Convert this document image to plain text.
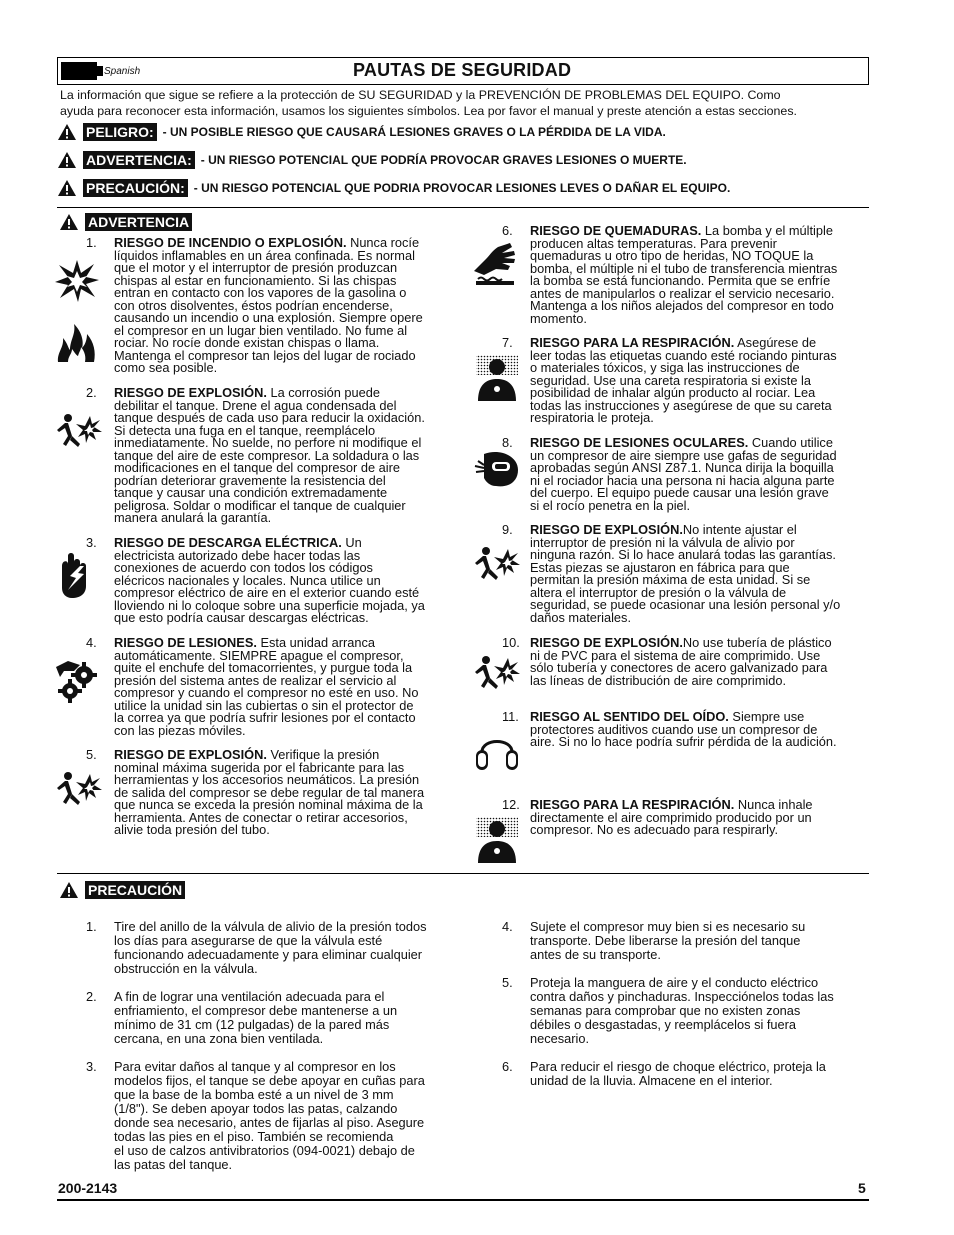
Spanish	PAUTAS DE SEGURIDAD
La información que sigue se refiere a la protección de SU SEGURIDAD y la PREVENCIÓN DE PROBLEMAS DEL EQUIPO. Como
ayuda para reconocer esta información, usamos los siguientes símbolos. Lea por favor el manual y preste atención a estas secciones.
PELIGRO: - UN POSIBLE RIESGO QUE CAUSARÁ LESIONES GRAVES O LA PÉRDIDA DE LA VIDA.
ADVERTENCIA: - UN RIESGO POTENCIAL QUE PODRÍA PROVOCAR GRAVES LESIONES O MUERTE.
PRECAUCIÓN: - UN RIESGO POTENCIAL QUE PODRIA PROVOCAR LESIONES LEVES O DAÑAR EL EQUIPO.
ADVERTENCIA
1.	RIESGO DE INCENDIO O EXPLOSIÓN. Nunca rocíe
líquidos inflamables en un área confinada. Es normal
que el motor y el interruptor de presión produzcan
chispas al estar en funcionamiento. Si las chispas
entran en contacto con los vapores de la gasolina o
con otros disolventes, éstos podrían encenderse,
causando un incendio o una explosión. Siempre opere
el compresor en un lugar bien ventilado. No fume al
rociar. No rocíe donde existan chispas o llama.
Mantenga el compresor tan lejos del lugar de rociado
como sea posible.
2.	RIESGO DE EXPLOSIÓN. La corrosión puede
debilitar el tanque. Drene el agua condensada del
tanque después de cada uso para reducir la oxidación.
Si detecta una fuga en el tanque, reemplácelo
inmediatamente. No suelde, no perfore ni modifique el
tanque del aire de este compresor. La soldadura o las
modificaciones en el tanque del compresor de aire
podrían deteriorar gravemente la resistencia del
tanque y causar una condición extremadamente
peligrosa. Soldar o modificar el tanque de cualquier
manera anulará la garantía.
3.	RIESGO DE DESCARGA ELÉCTRICA. Un
electricista autorizado debe hacer todas las
conexiones de acuerdo con todos los códigos
elécricos nacionales y locales. Nunca utilice un
compresor eléctrico de aire en el exterior cuando esté
lloviendo ni lo coloque sobre una superficie mojada, ya
que esto podría causar descargas eléctricas.
4.	RIESGO DE LESIONES. Esta unidad arranca
automáticamente. SIEMPRE apague el compresor,
quite el enchufe del tomacorrientes, y purgue toda la
presión del sistema antes de realizar el servicio al
compresor y cuando el compresor no esté en uso. No
utilice la unidad sin las cubiertas o sin el protector de
la correa ya que podría sufrir lesiones por el contacto
con las piezas móviles.
5.	RIESGO DE EXPLOSIÓN. Verifique la presión
nominal máxima sugerida por el fabricante para las
herramientas y los accesorios neumáticos. La presión
de salida del compresor se debe regular de tal manera
que nunca se exceda la presión nominal máxima de la
herramienta. Antes de conectar o retirar accesorios,
alivie toda presión del tubo.
6.	RIESGO DE QUEMADURAS. La bomba y el múltiple
producen altas temperaturas. Para prevenir
quemaduras u otro tipo de heridas, NO TOQUE la
bomba, el múltiple ni el tubo de transferencia mientras
la bomba se está funcionando. Permita que se enfríe
antes de manipularlos o realizar el servicio necesario.
Mantenga a los niños alejados del compresor en todo
momento.
7.	RIESGO PARA LA RESPIRACIÓN. Asegúrese de
leer todas las etiquetas cuando esté rociando pinturas
o materiales tóxicos, y siga las instrucciones de
seguridad. Use una careta respiratoria si existe la
posibilidad de inhalar algún producto al rociar. Lea
todas las instrucciones y asegúrese de que su careta
respiratoria le proteja.
8.	RIESGO DE LESIONES OCULARES. Cuando utilice
un compresor de aire siempre use gafas de seguridad
aprobadas según ANSI Z87.1. Nunca dirija la boquilla
ni el rociador hacia una persona ni hacia alguna parte
del cuerpo. El equipo puede causar una lesión grave
si el rocío penetra en la piel.
9.	RIESGO DE EXPLOSIÓN.No intente ajustar el
interruptor de presión ni la válvula de alivio por
ninguna razón. Si lo hace anulará todas las garantías.
Estas piezas se ajustaron en fábrica para que
permitan la presión máxima de esta unidad. Si se
altera el interruptor de presión o la válvula de
seguridad, se puede ocasionar una lesión personal y/o
daños materiales.
10. RIESGO DE EXPLOSIÓN.No use tubería de plástico
ni de PVC para el sistema de aire comprimido. Use
sólo tubería y conectores de acero galvanizado para
las líneas de distribución de aire comprimido.
11. RIESGO AL SENTIDO DEL OÍDO. Siempre use
protectores auditivos cuando use un compresor de
aire. Si no lo hace podría sufrir pérdida de la audición.
12. RIESGO PARA LA RESPIRACIÓN. Nunca inhale
directamente el aire comprimido producido por un
compresor. No es adecuado para respirarly.
PRECAUCIÓN
1. Tire del anillo de la válvula de alivio de la presión todos
los días para asegurarse de que la válvula esté
funcionando adecuadamente y para eliminar cualquier
obstrucción en la válvula.
2. A fin de lograr una ventilación adecuada para el
enfriamiento, el compresor debe mantenerse a un
mínimo de 31 cm (12 pulgadas) de la pared más
cercana, en una zona bien ventilada.
3. Para evitar daños al tanque y al compresor en los
modelos fijos, el tanque se debe apoyar en cuñas para
que la base de la bomba esté a un nivel de 3 mm
(1/8"). Se deben apoyar todos las patas, calzando
donde sea necesario, antes de fijarlas al piso. Asegure
todas las pies en el piso. También se recomienda
el uso de calzos antivibratorios (094-0021) debajo de
las patas del tanque.
4. Sujete el compresor muy bien si es necesario su
transporte. Debe liberarse la presión del tanque
antes de su transporte.
5. Proteja la manguera de aire y el conducto eléctrico
contra daños y pinchaduras. Inspecciónelos todas las
semanas para comprobar que no existen zonas
débiles o desgastadas, y reemplácelos si fuera
necesario.
6. Para reducir el riesgo de choque eléctrico, proteja la
unidad de la lluvia. Almacene en el interior.
200-2143	5
